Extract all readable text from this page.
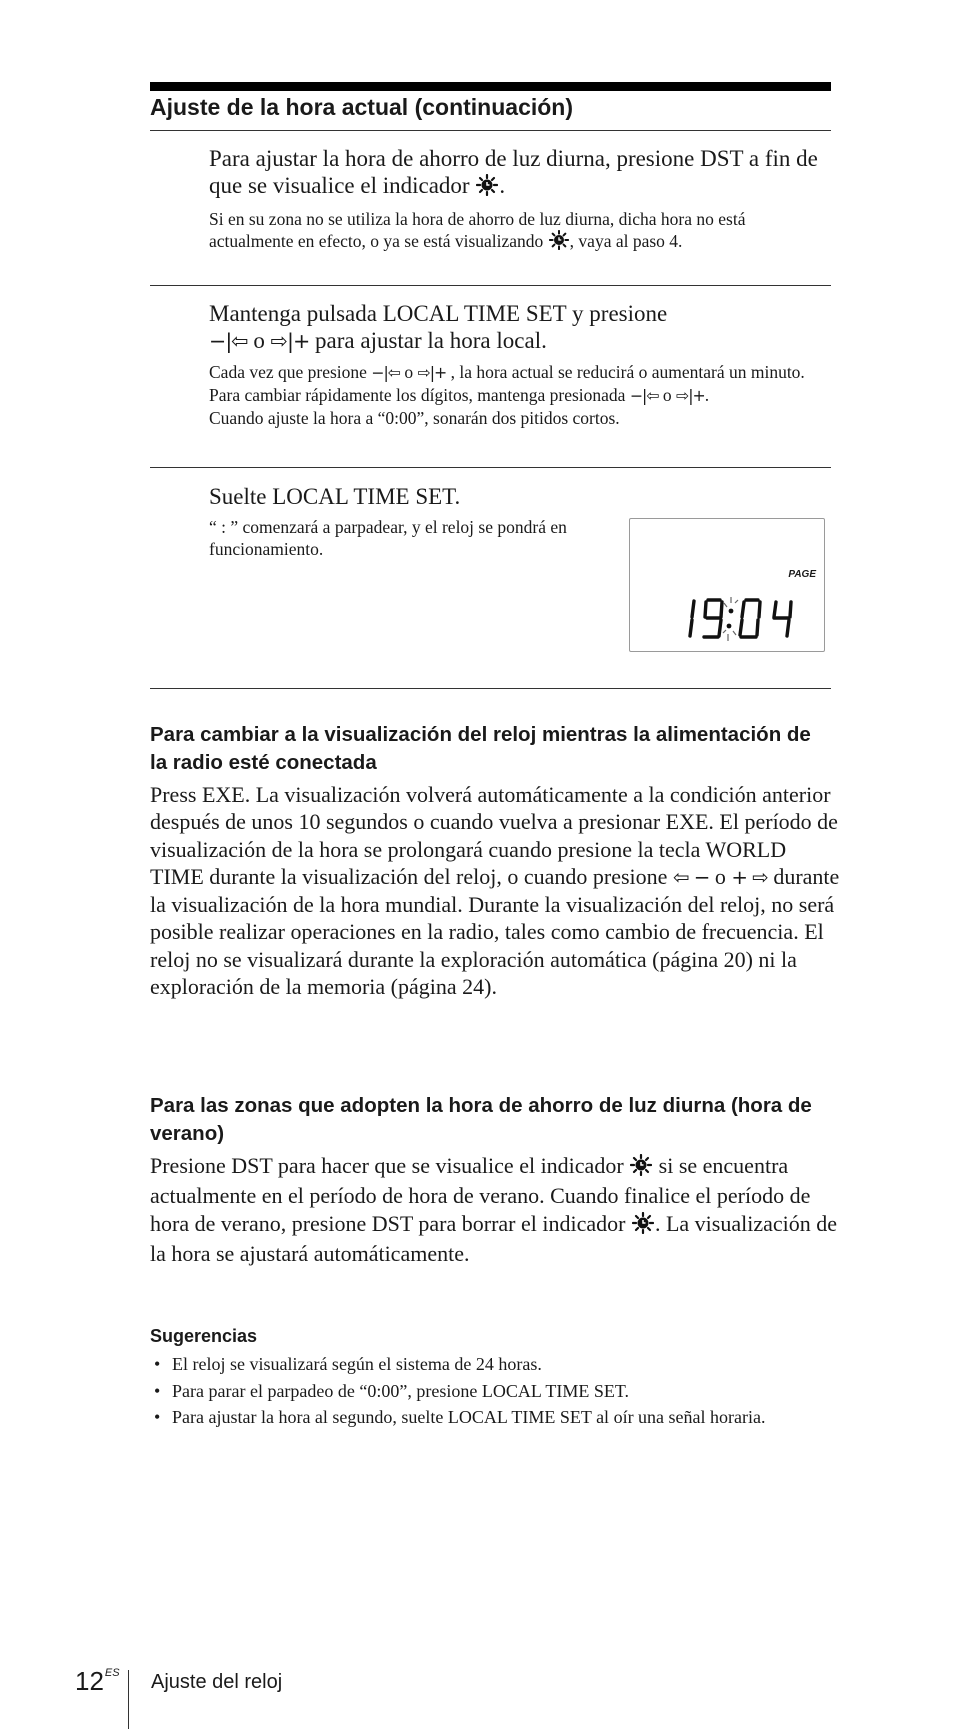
Ajuste de la hora actual (continuación)

Para ajustar la hora de ahorro de luz diurna, presione DST a fin de que se visualice el indicador .

Si en su zona no se utiliza la hora de ahorro de luz diurna, dicha hora no está actualmente en efecto, o ya se está visualizando , vaya al paso 4.

Mantenga pulsada LOCAL TIME SET y presione
−|⇦ o ⇨|+ para ajustar la hora local.

Cada vez que presione −|⇦ o ⇨|+ , la hora actual se reducirá o aumentará un minuto. Para cambiar rápidamente los dígitos, mantenga presionada −|⇦ o ⇨|+.

Cuando ajuste la hora a “0:00”, sonarán dos pitidos cortos.

Suelte LOCAL TIME SET.

“ : ” comenzará a parpadear, y el reloj se pondrá en funcionamiento.

PAGE
Para cambiar a la visualización del reloj mientras la alimentación de la radio esté conectada

Press EXE. La visualización volverá automáticamente a la condición anterior después de unos 10 segundos o cuando vuelva a presionar EXE. El período de visualización de la hora se prolongará cuando presione la tecla WORLD TIME durante la visualización del reloj, o cuando presione ⇦ − o + ⇨ durante la visualización de la hora mundial. Durante la visualización del reloj, no será posible realizar operaciones en la radio, tales como cambio de frecuencia. El reloj no se visualizará durante la exploración automática (página 20) ni la exploración de la memoria (página 24).

Para las zonas que adopten la hora de ahorro de luz diurna (hora de verano)

Presione DST para hacer que se visualice el indicador si se encuentra actualmente en el período de hora de verano. Cuando finalice el período de hora de verano, presione DST para borrar el indicador . La visualización de la hora se ajustará automáticamente.

Sugerencias
• El reloj se visualizará según el sistema de 24 horas.
• Para parar el parpadeo de “0:00”, presione LOCAL TIME SET.
• Para ajustar la hora al segundo, suelte LOCAL TIME SET al oír una señal horaria.
$12^{ES}$ Ajuste del reloj
